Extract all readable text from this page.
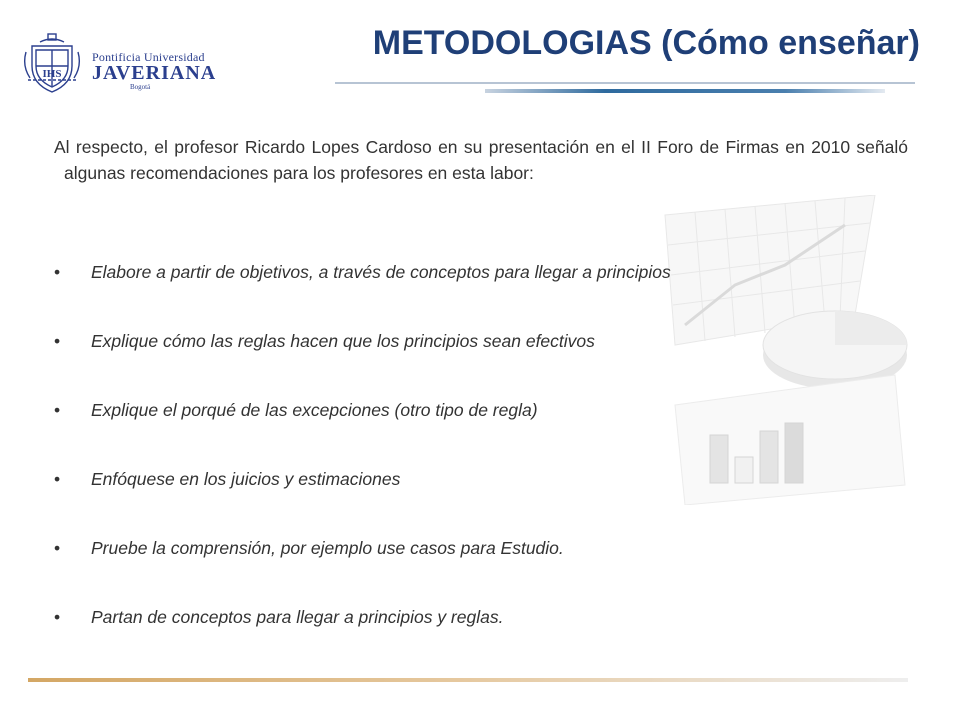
IHS
Pontificia Universidad
JAVERIANA
Bogotá
METODOLOGIAS (Cómo enseñar)

Al respecto, el profesor Ricardo Lopes Cardoso en su presentación en el II Foro de Firmas en 2010 señaló algunas recomendaciones para los profesores en esta labor:

• Elabore a partir de objetivos, a través de conceptos para llegar a principios
• Explique cómo las reglas hacen que los principios sean efectivos
• Explique el porqué de las excepciones (otro tipo de regla)
• Enfóquese en los juicios y estimaciones
• Pruebe la comprensión, por ejemplo use casos para Estudio.
• Partan de conceptos para llegar a principios y reglas.
